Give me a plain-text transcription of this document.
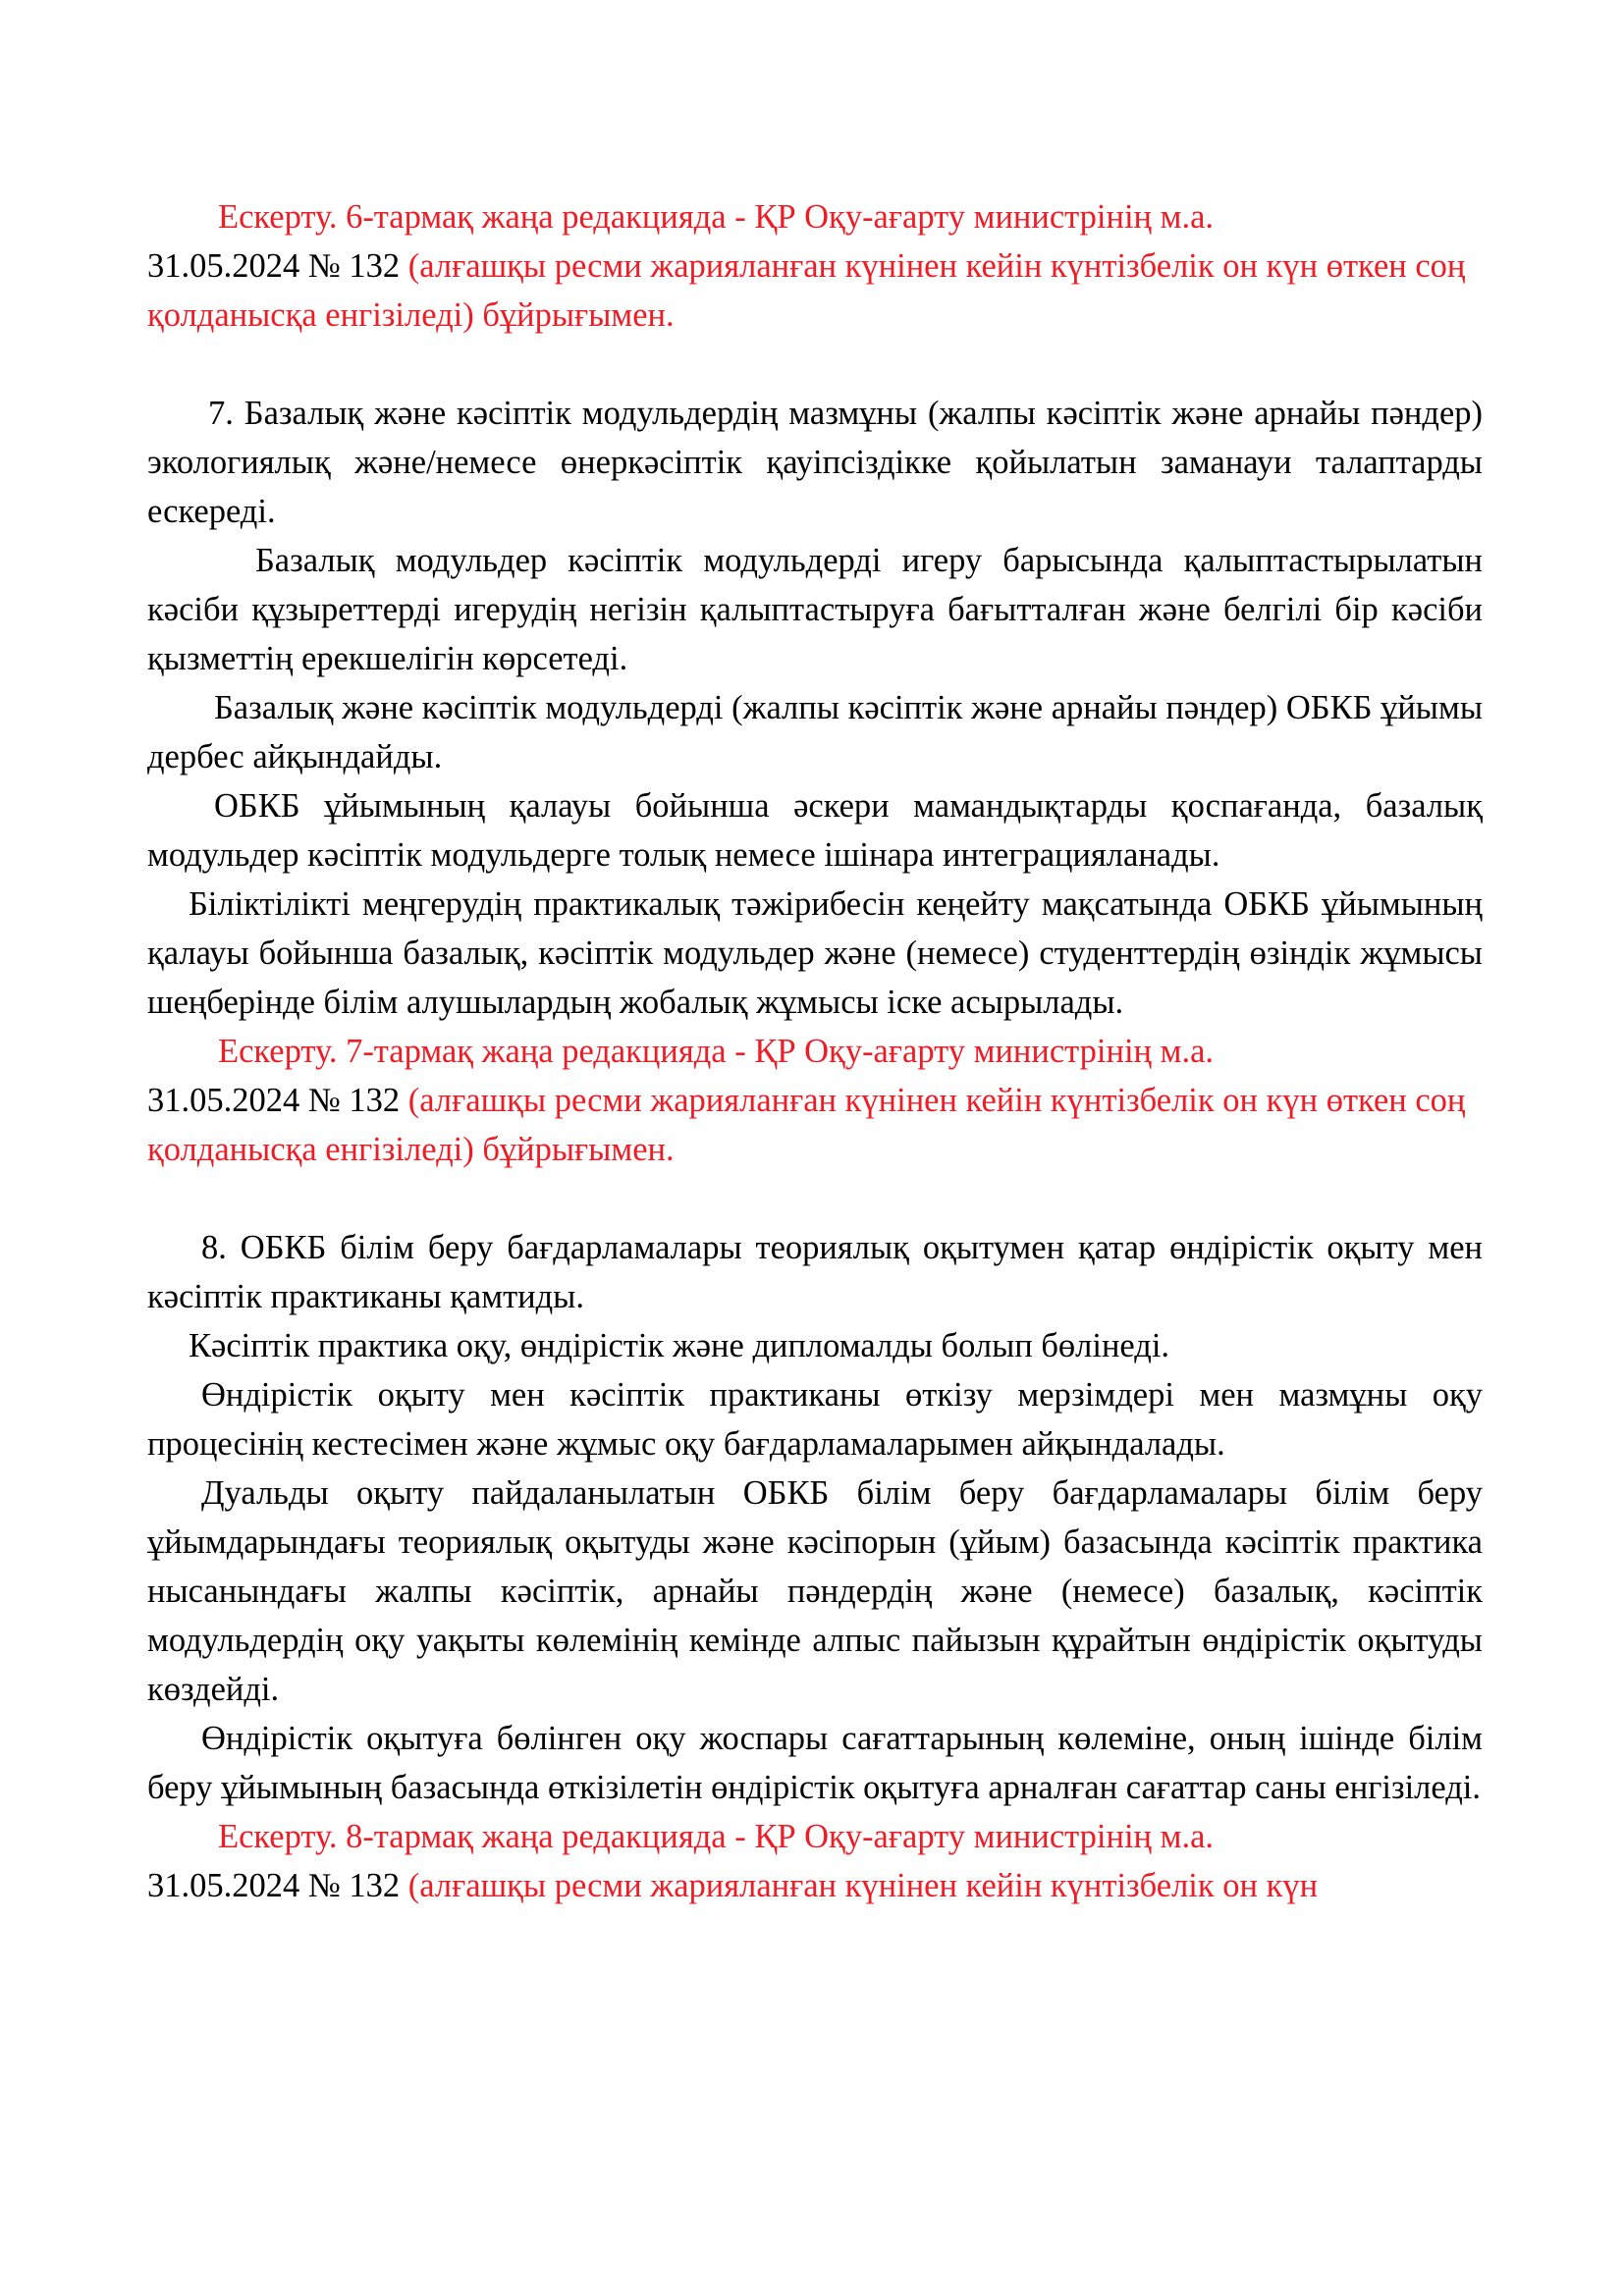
Ескерту. 6-тармақ жаңа редакцияда - ҚР Оқу-ағарту министрінің м.а.
31.05.2024 № 132 (алғашқы ресми жарияланған күнінен кейін күнтізбелік он күн өткен соң қолданысқа енгізіледі) бұйрығымен.

7. Базалық және кәсіптік модульдердің мазмұны (жалпы кәсіптік және арнайы пәндер) экологиялық және/немесе өнеркәсіптік қауіпсіздікке қойылатын заманауи талаптарды ескереді.

Базалық модульдер кәсіптік модульдерді игеру барысында қалыптастырылатын кәсіби құзыреттерді игерудің негізін қалыптастыруға бағытталған және белгілі бір кәсіби қызметтің ерекшелігін көрсетеді.

Базалық және кәсіптік модульдерді (жалпы кәсіптік және арнайы пәндер) ОБКБ ұйымы дербес айқындайды.

ОБКБ ұйымының қалауы бойынша әскери мамандықтарды қоспағанда, базалық модульдер кәсіптік модульдерге толық немесе ішінара интеграцияланады.

Біліктілікті меңгерудің практикалық тәжірибесін кеңейту мақсатында ОБКБ ұйымының қалауы бойынша базалық, кәсіптік модульдер және (немесе) студенттердің өзіндік жұмысы шеңберінде білім алушылардың жобалық жұмысы іске асырылады.

Ескерту. 7-тармақ жаңа редакцияда - ҚР Оқу-ағарту министрінің м.а.
31.05.2024 № 132 (алғашқы ресми жарияланған күнінен кейін күнтізбелік он күн өткен соң қолданысқа енгізіледі) бұйрығымен.

8. ОБКБ білім беру бағдарламалары теориялық оқытумен қатар өндірістік оқыту мен кәсіптік практиканы қамтиды.

Кәсіптік практика оқу, өндірістік және дипломалды болып бөлінеді.

Өндірістік оқыту мен кәсіптік практиканы өткізу мерзімдері мен мазмұны оқу процесінің кестесімен және жұмыс оқу бағдарламаларымен айқындалады.

Дуальды оқыту пайдаланылатын ОБКБ білім беру бағдарламалары білім беру ұйымдарындағы теориялық оқытуды және кәсіпорын (ұйым) базасында кәсіптік практика нысанындағы жалпы кәсіптік, арнайы пәндердің және (немесе) базалық, кәсіптік модульдердің оқу уақыты көлемінің кемінде алпыс пайызын құрайтын өндірістік оқытуды көздейді.

Өндірістік оқытуға бөлінген оқу жоспары сағаттарының көлеміне, оның ішінде білім беру ұйымының базасында өткізілетін өндірістік оқытуға арналған сағаттар саны енгізіледі.

Ескерту. 8-тармақ жаңа редакцияда - ҚР Оқу-ағарту министрінің м.а.
31.05.2024 № 132 (алғашқы ресми жарияланған күнінен кейін күнтізбелік он күн
